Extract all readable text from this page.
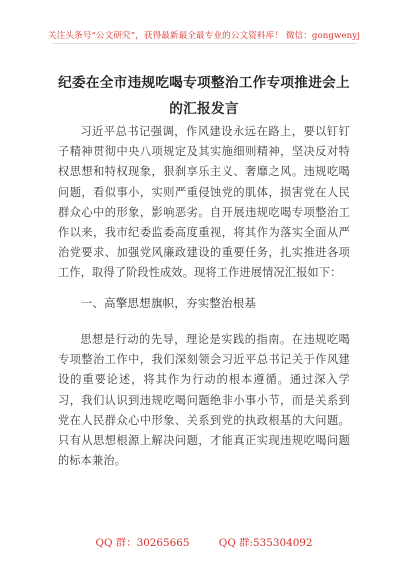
关注头条号“公文研究”，获得最新最全最专业的公文资料库！ 微信：gongwenyj
纪委在全市违规吃喝专项整治工作专项推进会上的汇报发言
习近平总书记强调，作风建设永远在路上，要以钉钉子精神贯彻中央八项规定及其实施细则精神，坚决反对特权思想和特权现象，狠刹享乐主义、奢靡之风。违规吃喝问题，看似事小，实则严重侵蚀党的肌体，损害党在人民群众心中的形象，影响恶劣。自开展违规吃喝专项整治工作以来，我市纪委监委高度重视，将其作为落实全面从严治党要求、加强党风廉政建设的重要任务，扎实推进各项工作，取得了阶段性成效。现将工作进展情况汇报如下：
一、高擎思想旗帜，夯实整治根基
思想是行动的先导，理论是实践的指南。在违规吃喝专项整治工作中，我们深刻领会习近平总书记关于作风建设的重要论述，将其作为行动的根本遵循。通过深入学习，我们认识到违规吃喝问题绝非小事小节，而是关系到党在人民群众心中形象、关系到党的执政根基的大问题。只有从思想根源上解决问题，才能真正实现违规吃喝问题的标本兼治。
QQ 群：30265665	QQ 群:535304092
